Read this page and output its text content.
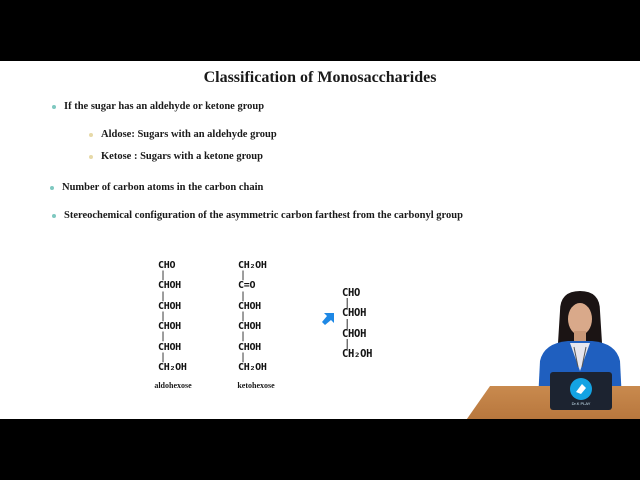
Classification of Monosaccharides
If the sugar has an aldehyde or ketone group
Aldose: Sugars with an aldehyde group
Ketose : Sugars with a ketone group
Number of carbon atoms in the carbon chain
Stereochemical configuration of the asymmetric carbon farthest from the carbonyl group
CHO
|
CHOH
|
CHOH
|
CHOH
|
CHOH
|
CH₂OH
aldohexose
CH₂OH
|
C=O
|
CHOH
|
CHOH
|
CHOH
|
CH₂OH
ketohexose
CHO
|
CHOH
|
CHOH
|
CH₂OH
Dr.K PLAY
